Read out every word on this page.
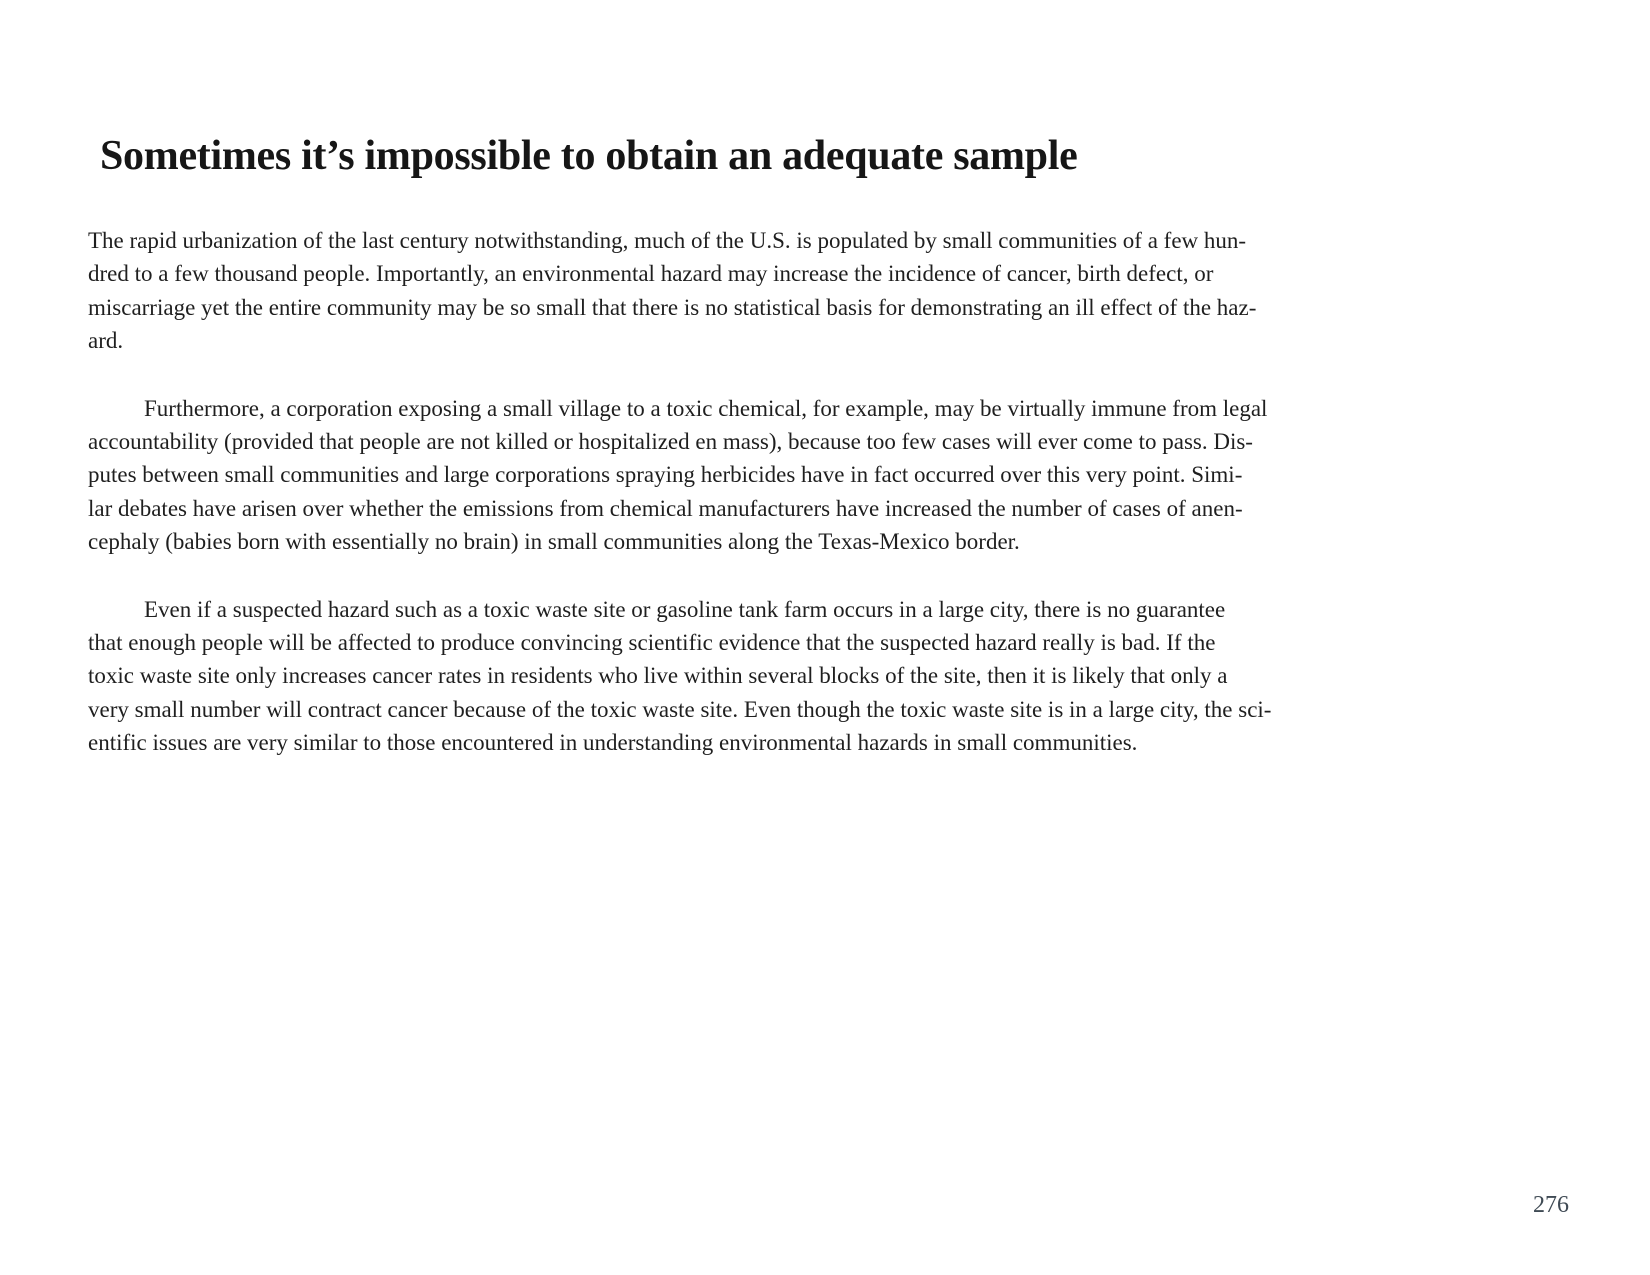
Sometimes it’s impossible to obtain an adequate sample
The rapid urbanization of the last century notwithstanding, much of the U.S. is populated by small communities of a few hun-
dred to a few thousand people. Importantly, an environmental hazard may increase the incidence of cancer, birth defect, or
miscarriage yet the entire community may be so small that there is no statistical basis for demonstrating an ill effect of the haz-
ard.
Furthermore, a corporation exposing a small village to a toxic chemical, for example, may be virtually immune from legal
accountability (provided that people are not killed or hospitalized en mass), because too few cases will ever come to pass. Dis-
putes between small communities and large corporations spraying herbicides have in fact occurred over this very point. Simi-
lar debates have arisen over whether the emissions from chemical manufacturers have increased the number of cases of anen-
cephaly (babies born with essentially no brain) in small communities along the Texas-Mexico border.
Even if a suspected hazard such as a toxic waste site or gasoline tank farm occurs in a large city, there is no guarantee
that enough people will be affected to produce convincing scientific evidence that the suspected hazard really is bad. If the
toxic waste site only increases cancer rates in residents who live within several blocks of the site, then it is likely that only a
very small number will contract cancer because of the toxic waste site. Even though the toxic waste site is in a large city, the sci-
entific issues are very similar to those encountered in understanding environmental hazards in small communities.
276
